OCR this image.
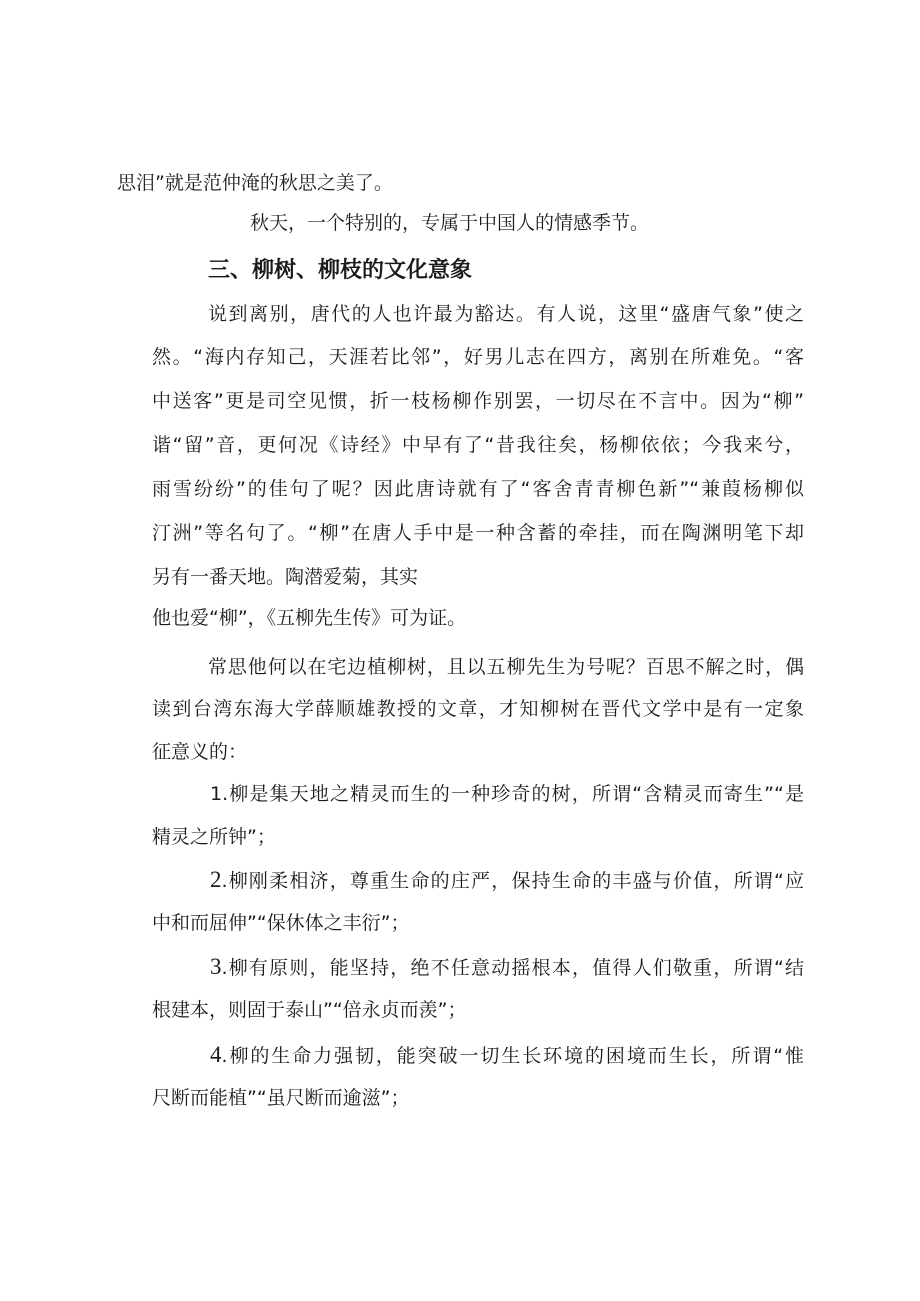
思泪”就是范仲淹的秋思之美了。
秋天，一个特别的，专属于中国人的情感季节。
三、柳树、柳枝的文化意象
说到离别，唐代的人也许最为豁达。有人说，这里“盛唐气象”使之
然。“海内存知己，天涯若比邻”，好男儿志在四方，离别在所难免。“客
中送客”更是司空见惯，折一枝杨柳作别罢，一切尽在不言中。因为“柳”
谐“留”音，更何况《诗经》中早有了“昔我往矣，杨柳依依；今我来兮，
雨雪纷纷”的佳句了呢？因此唐诗就有了“客舍青青柳色新”“兼葭杨柳似
汀洲”等名句了。“柳”在唐人手中是一种含蓄的牵挂，而在陶渊明笔下却
另有一番天地。陶潜爱菊，其实
他也爱“柳”，《五柳先生传》可为证。
常思他何以在宅边植柳树，且以五柳先生为号呢？百思不解之时，偶
读到台湾东海大学薛顺雄教授的文章，才知柳树在晋代文学中是有一定象
征意义的：
1.柳是集天地之精灵而生的一种珍奇的树，所谓“含精灵而寄生”“是
精灵之所钟”；
2 .柳刚柔相济，尊重生命的庄严，保持生命的丰盛与价值，所谓“应
中和而屈伸”“保休体之丰衍”；
3 .柳有原则，能坚持，绝不任意动摇根本，值得人们敬重，所谓“结
根建本，则固于泰山”“倍永贞而羡”；
4 .柳的生命力强韧，能突破一切生长环境的困境而生长，所谓“惟
尺断而能植”“虽尺断而逾滋”；
